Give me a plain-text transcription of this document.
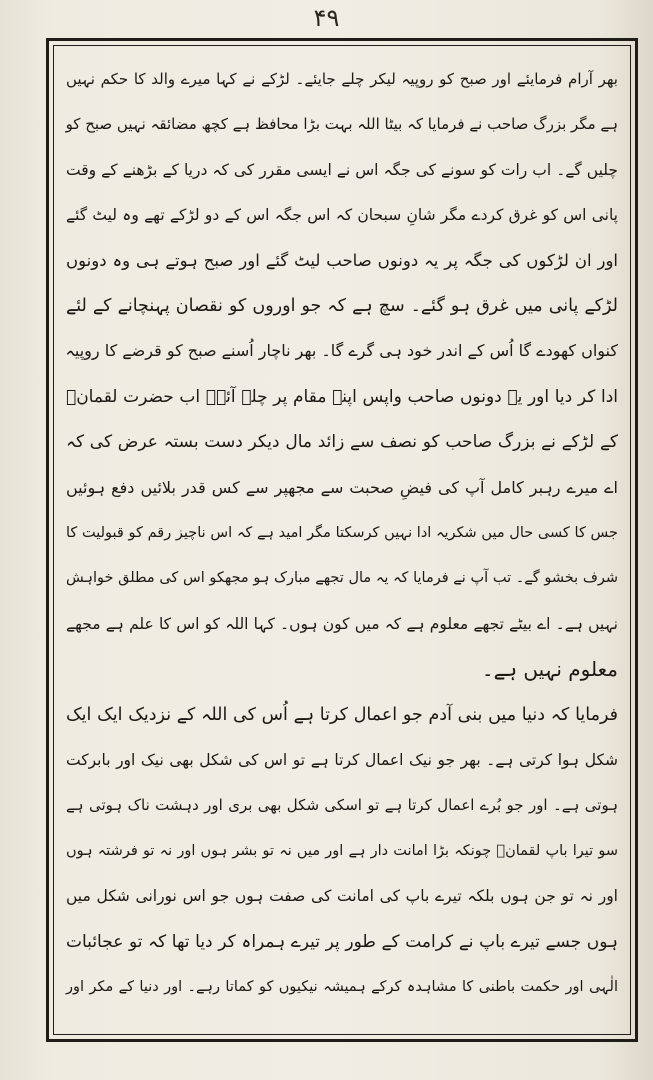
۴۹
بھر آرام فرمایئے اور صبح کو روپیہ لیکر چلے جایئے۔ لڑکے نے کہا میرے والد کا حکم نہیں
ہے مگر بزرگ صاحب نے فرمایا کہ بیٹا اللہ بہت بڑا محافظ ہے کچھ مضائقہ نہیں صبح کو
چلیں گے۔ اب رات کو سونے کی جگہ اس نے ایسی مقرر کی کہ دریا کے بڑھنے کے وقت
پانی اس کو غرق کردے مگر شانِ سبحان کہ اس جگہ اس کے دو لڑکے تھے وہ لیٹ گئے
اور ان لڑکوں کی جگہ پر یہ دونوں صاحب لیٹ گئے اور صبح ہوتے ہی وہ دونوں
لڑکے پانی میں غرق ہو گئے۔ سچ ہے کہ جو اوروں کو نقصان پہنچانے کے لئے
کنواں کھودے گا اُس کے اندر خود ہی گرے گا۔ بھر ناچار اُسنے صبح کو قرضے کا روپیہ
ادا کر دیا اور یہ دونوں صاحب واپس اپنے مقام پر چلے آئے۔ اب حضرت لقمانؑ
کے لڑکے نے بزرگ صاحب کو نصف سے زائد مال دیکر دست بستہ عرض کی کہ
اے میرے رہبر کامل آپ کی فیضِ صحبت سے مجھپر سے کس قدر بلائیں دفع ہوئیں
جس کا کسی حال میں شکریہ ادا نہیں کرسکتا مگر امید ہے کہ اس ناچیز رقم کو قبولیت کا
شرف بخشو گے۔ تب آپ نے فرمایا کہ یہ مال تجھے مبارک ہو مجھکو اس کی مطلق خواہش
نہیں ہے۔ اے بیٹے تجھے معلوم ہے کہ میں کون ہوں۔ کہا اللہ کو اس کا علم ہے مجھے
معلوم نہیں ہے۔
فرمایا کہ دنیا میں بنی آدم جو اعمال کرتا ہے اُس کی اللہ کے نزدیک ایک ایک
شکل ہوا کرتی ہے۔ بھر جو نیک اعمال کرتا ہے تو اس کی شکل بھی نیک اور بابرکت
ہوتی ہے۔ اور جو بُرے اعمال کرتا ہے تو اسکی شکل بھی بری اور دہشت ناک ہوتی ہے
سو تیرا باپ لقمانؑ چونکہ بڑا امانت دار ہے اور میں نہ تو بشر ہوں اور نہ تو فرشتہ ہوں
اور نہ تو جن ہوں بلکہ تیرے باپ کی امانت کی صفت ہوں جو اس نورانی شکل میں
ہوں جسے تیرے باپ نے کرامت کے طور پر تیرے ہمراہ کر دیا تھا کہ تو عجائبات
الٰہی اور حکمت باطنی کا مشاہدہ کرکے ہمیشہ نیکیوں کو کماتا رہے۔ اور دنیا کے مکر اور
